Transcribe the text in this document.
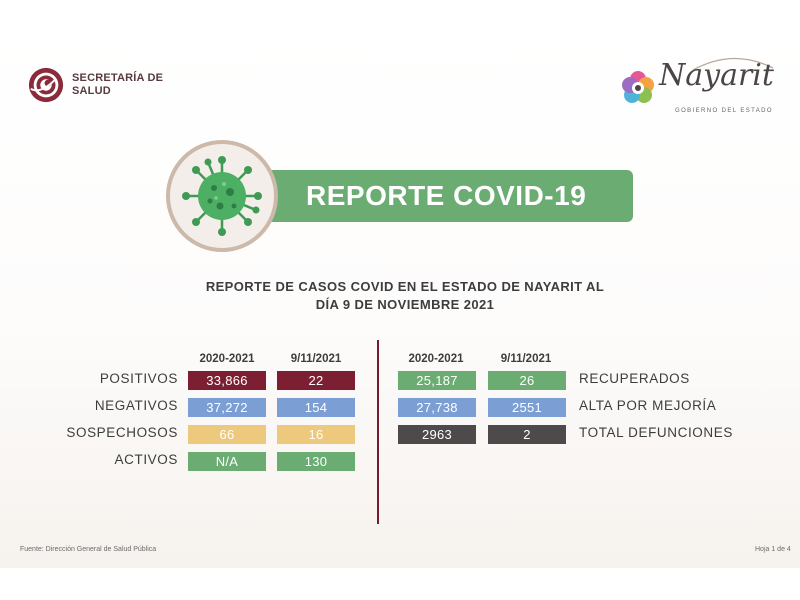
SECRETARÍA DE
SALUD	Nayarit
GOBIERNO DEL ESTADO
REPORTE COVID-19
REPORTE DE CASOS COVID EN EL ESTADO DE NAYARIT AL
DÍA 9 DE NOVIEMBRE 2021
2020-2021	9/11/2021
POSITIVOS	33,866	22
NEGATIVOS	37,272	154
SOSPECHOSOS	66	16
ACTIVOS	N/A	130
2020-2021	9/11/2021
25,187	26	RECUPERADOS
27,738	2551	ALTA POR MEJORÍA
2963	2	TOTAL DEFUNCIONES
Fuente: Dirección General de Salud Pública	Hoja 1 de 4
